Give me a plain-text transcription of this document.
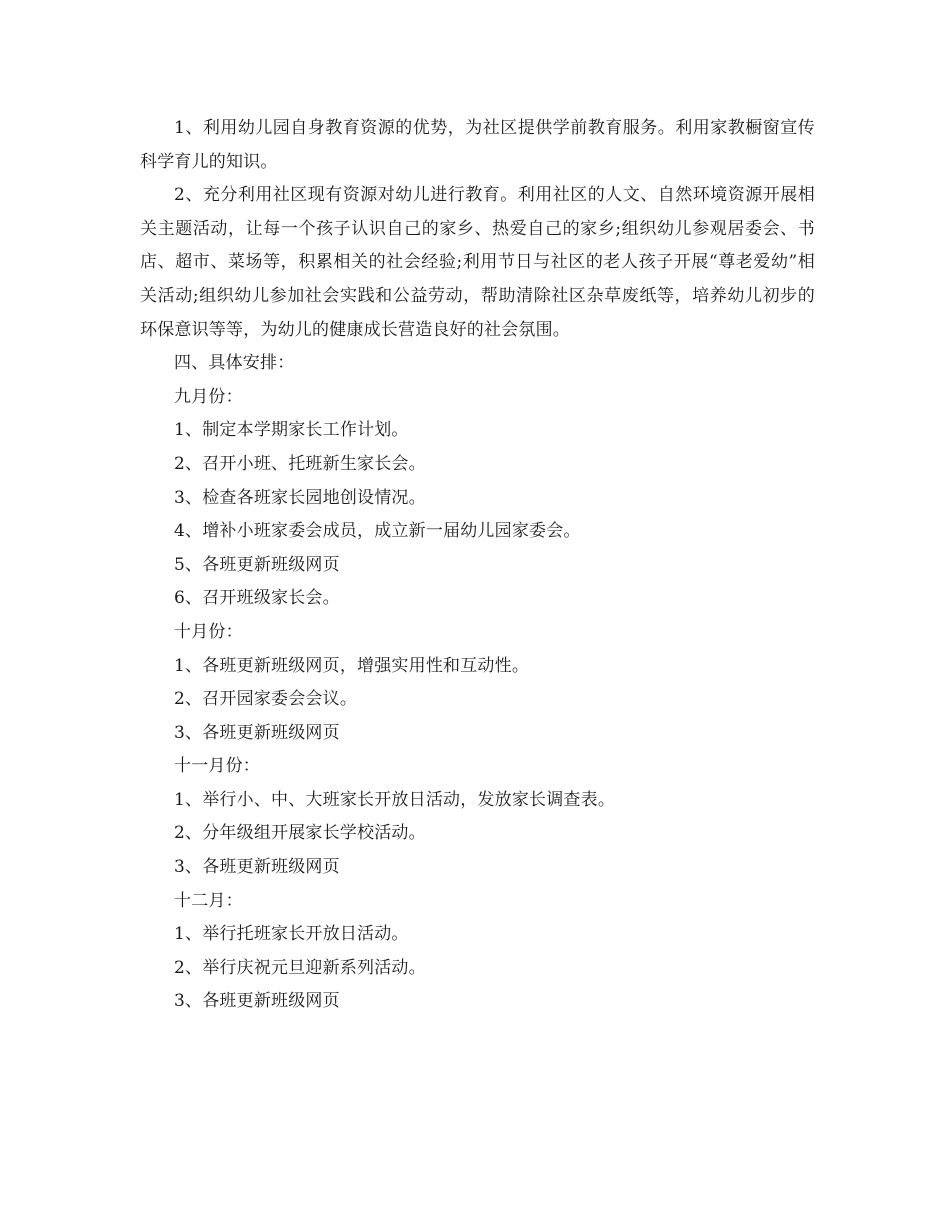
1、利用幼儿园自身教育资源的优势，为社区提供学前教育服务。利用家教橱窗宣传科学育儿的知识。

2、充分利用社区现有资源对幼儿进行教育。利用社区的人文、自然环境资源开展相关主题活动，让每一个孩子认识自己的家乡、热爱自己的家乡;组织幼儿参观居委会、书店、超市、菜场等，积累相关的社会经验;利用节日与社区的老人孩子开展“尊老爱幼”相关活动;组织幼儿参加社会实践和公益劳动，帮助清除社区杂草废纸等，培养幼儿初步的环保意识等等，为幼儿的健康成长营造良好的社会氛围。

四、具体安排：

九月份：

1、制定本学期家长工作计划。

2、召开小班、托班新生家长会。

3、检查各班家长园地创设情况。

4、增补小班家委会成员，成立新一届幼儿园家委会。

5、各班更新班级网页

6、召开班级家长会。

十月份：

1、各班更新班级网页，增强实用性和互动性。

2、召开园家委会会议。

3、各班更新班级网页

十一月份：

1、举行小、中、大班家长开放日活动，发放家长调查表。

2、分年级组开展家长学校活动。

3、各班更新班级网页

十二月：

1、举行托班家长开放日活动。

2、举行庆祝元旦迎新系列活动。

3、各班更新班级网页
